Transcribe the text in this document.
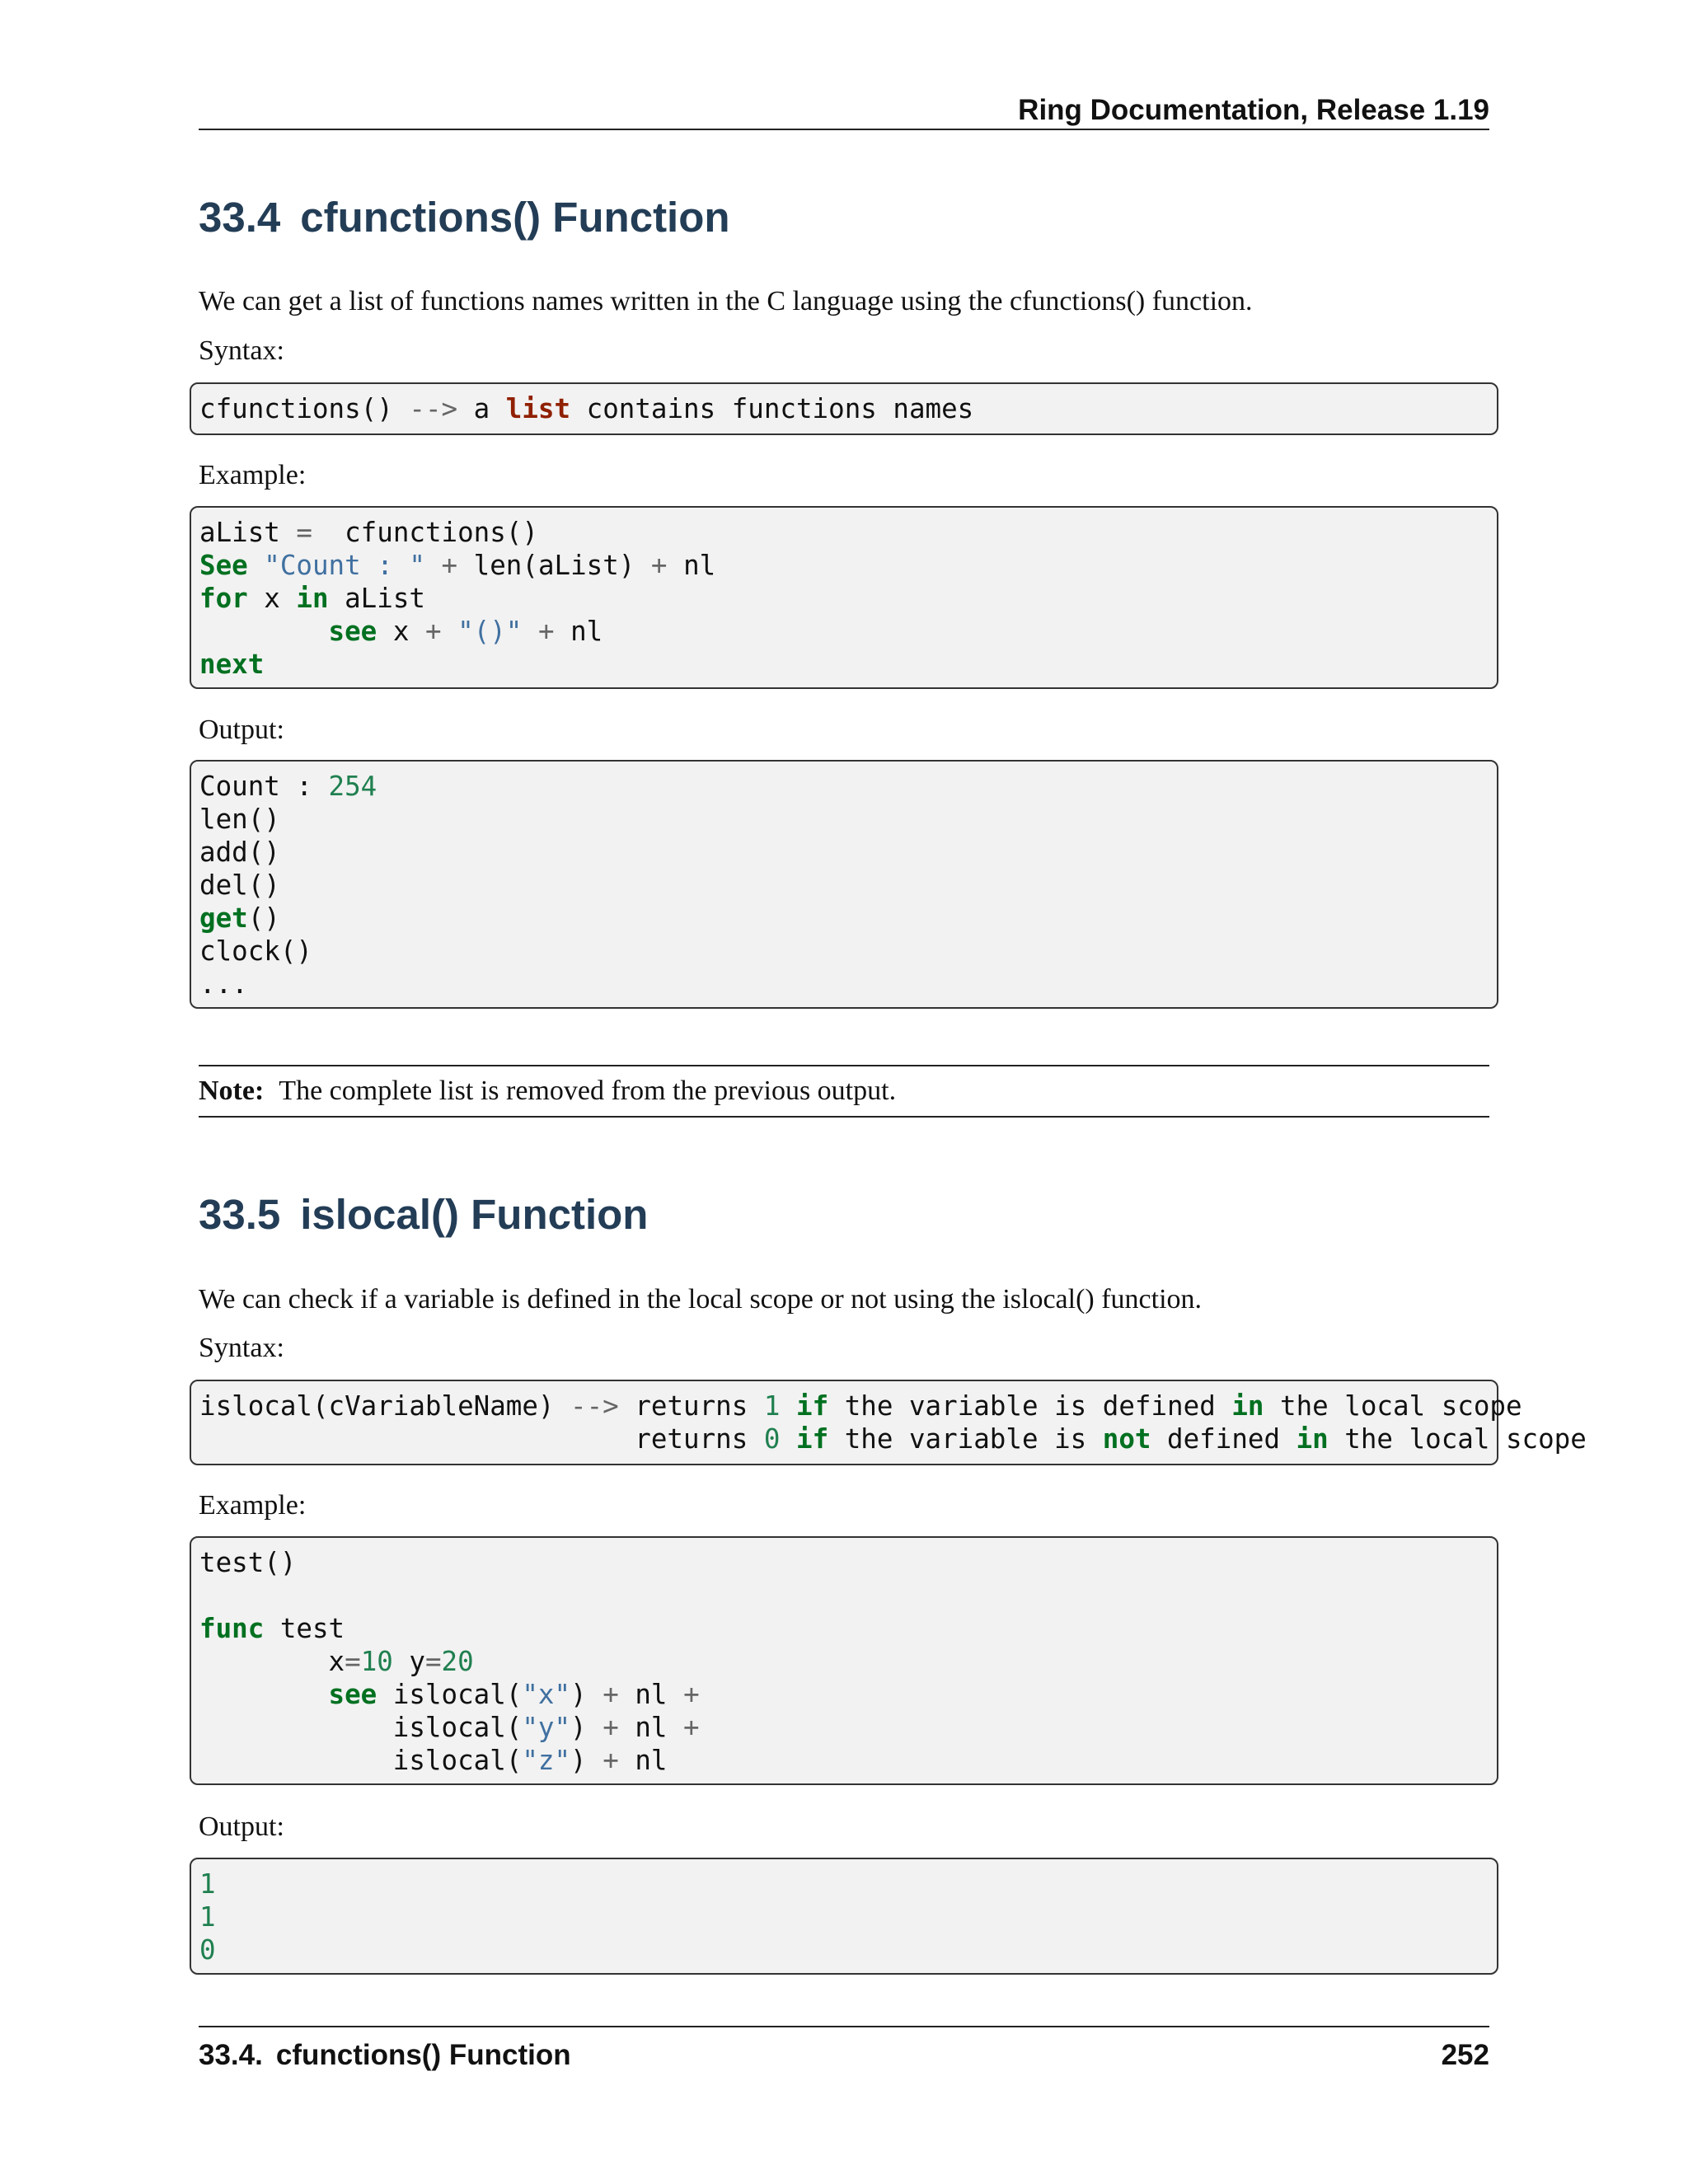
Ring Documentation, Release 1.19
33.4 cfunctions() Function

We can get a list of functions names written in the C language using the cfunctions() function.

Syntax:

cfunctions() --> a list contains functions names

Example:

aList =  cfunctions()
See "Count : " + len(aList) + nl
for x in aList
see x + "()" + nl
next

Output:

Count : 254
len()
add()
del()
get()
clock()
...
Note: The complete list is removed from the previous output.
33.5 islocal() Function

We can check if a variable is defined in the local scope or not using the islocal() function.

Syntax:

islocal(cVariableName) --> returns 1 if the variable is defined in the local scope
returns 0 if the variable is not defined in the local scope

Example:

test()
func test
x=10 y=20
see islocal("x") + nl +
islocal("y") + nl +
islocal("z") + nl

Output:

1
1
0
33.4. cfunctions() Function	252
